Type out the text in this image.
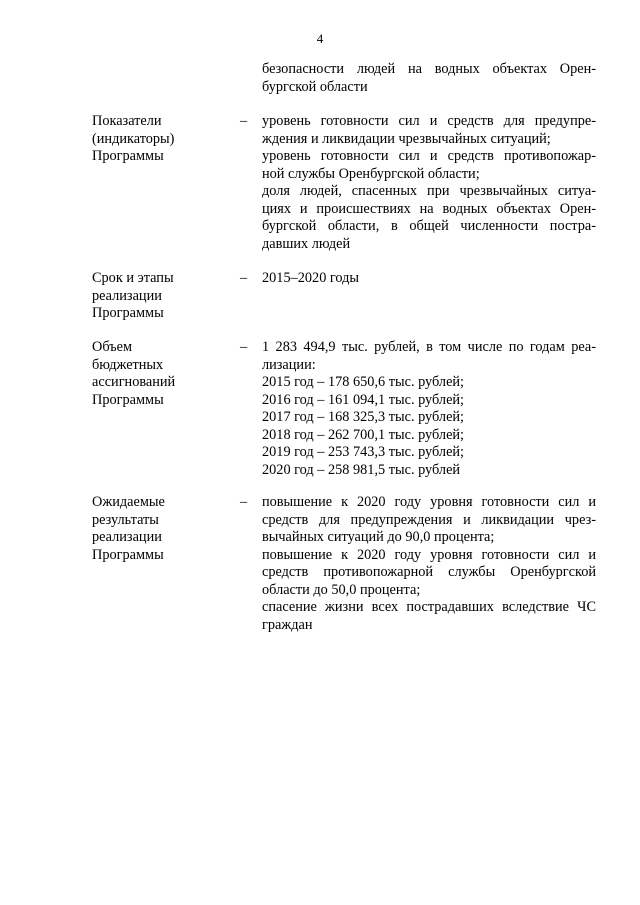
4
безопасности людей на водных объектах Орен-
бургской области
Показатели
(индикаторы)
Программы
–	уровень готовности сил и средств для предупре-
ждения и ликвидации чрезвычайных ситуаций;
уровень готовности сил и средств противопожар-
ной службы Оренбургской области;
доля людей, спасенных при чрезвычайных ситуа-
циях и происшествиях на водных объектах Орен-
бургской области, в общей численности постра-
давших людей
Срок и этапы
реализации
Программы
–	2015–2020 годы
Объем
бюджетных
ассигнований
Программы
–	1 283 494,9 тыс. рублей, в том числе по годам реа-
лизации:
2015 год – 178 650,6 тыс. рублей;
2016 год – 161 094,1 тыс. рублей;
2017 год – 168 325,3 тыс. рублей;
2018 год – 262 700,1 тыс. рублей;
2019 год – 253 743,3 тыс. рублей;
2020 год – 258 981,5 тыс. рублей
Ожидаемые
результаты
реализации
Программы
–	повышение к 2020 году уровня готовности сил и
средств для предупреждения и ликвидации чрез-
вычайных ситуаций до 90,0 процента;
повышение к 2020 году уровня готовности сил и
средств противопожарной службы Оренбургской
области до 50,0 процента;
спасение жизни всех пострадавших вследствие ЧС
граждан
